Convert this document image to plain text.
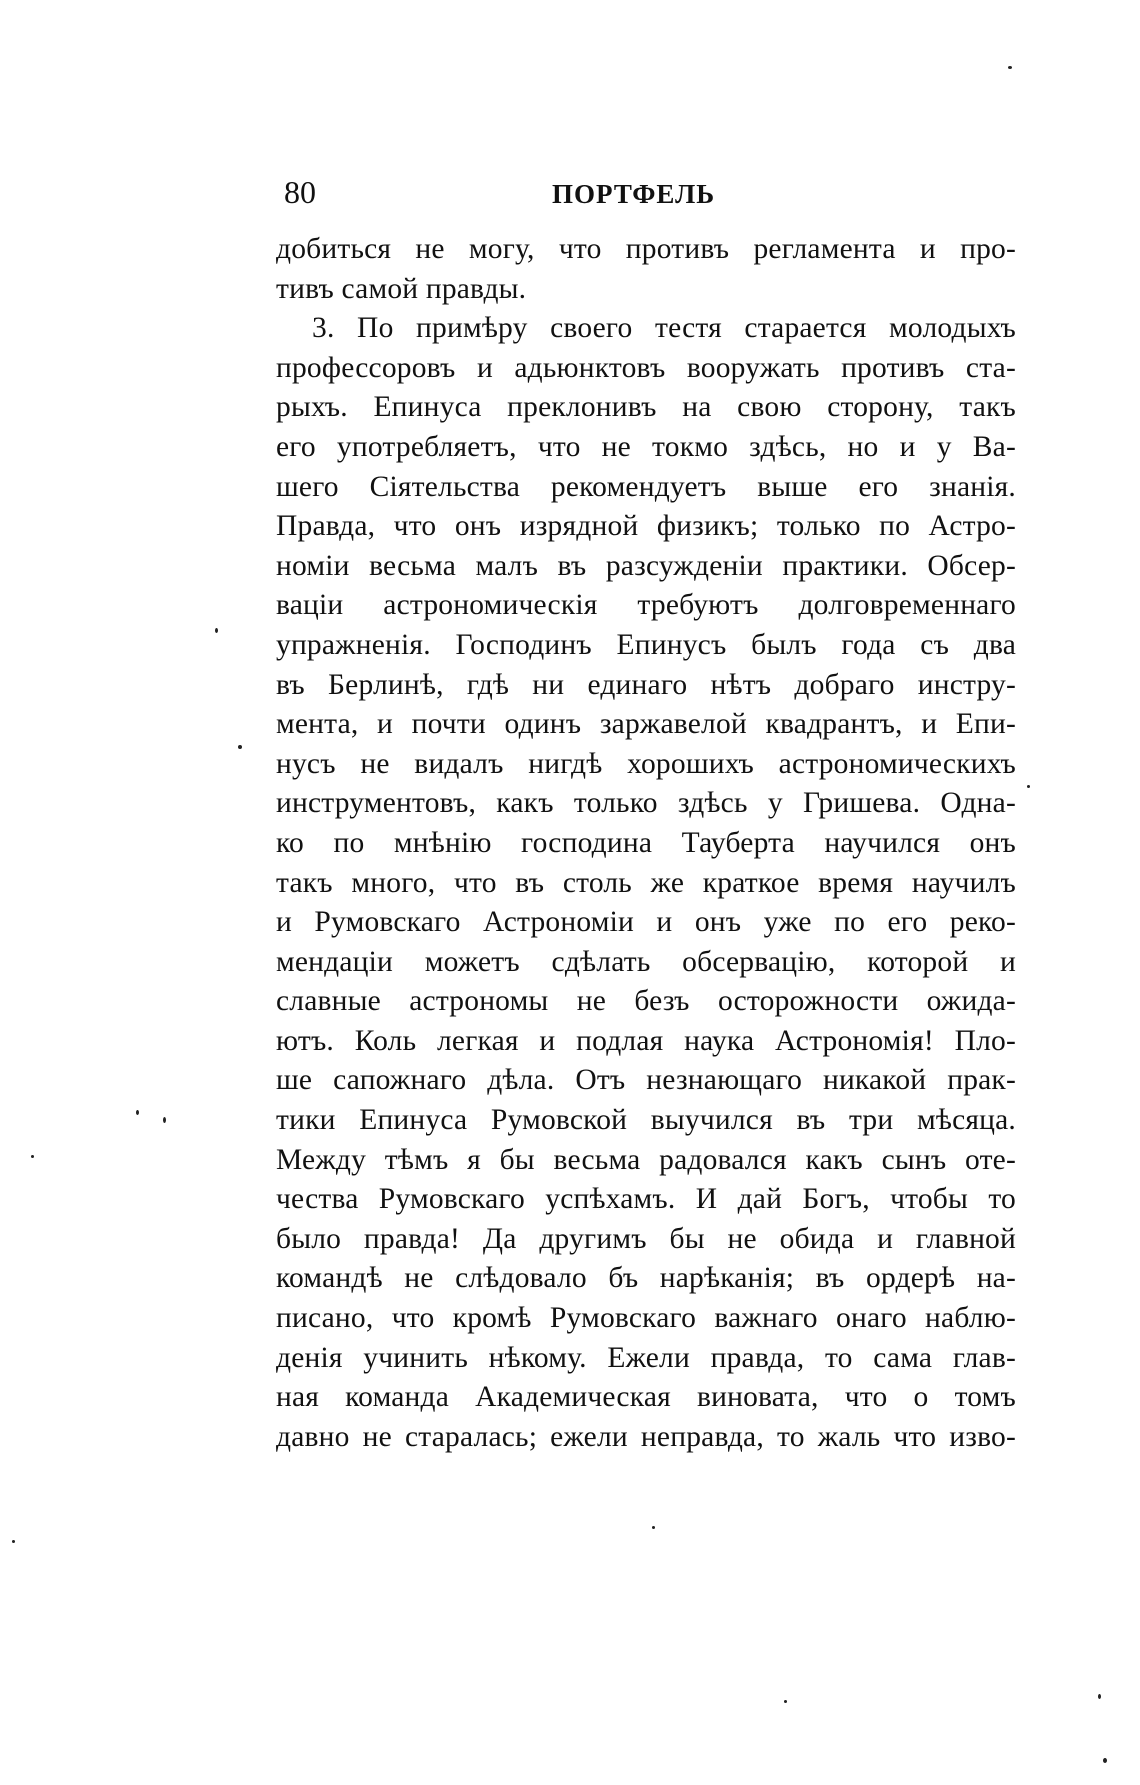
80	ПОРТФЕЛЬ
добиться не могу, что противъ регламента и про-
тивъ самой правды.
3. По примѣру своего тестя старается молодыхъ
профессоровъ и адьюнктовъ вооружать противъ ста-
рыхъ. Епинуса преклонивъ на свою сторону, такъ
его употребляетъ, что не токмо здѣсь, но и у Ва-
шего Сіятельства рекомендуетъ выше его знанія.
Правда, что онъ изрядной физикъ; только по Астро-
номіи весьма малъ въ разсужденіи практики. Обсер-
ваціи астрономическія требуютъ долговременнаго
упражненія. Господинъ Епинусъ былъ года съ два
въ Берлинѣ, гдѣ ни единаго нѣтъ добраго инстру-
мента, и почти одинъ заржавелой квадрантъ, и Епи-
нусъ не видалъ нигдѣ хорошихъ астрономическихъ
инструментовъ, какъ только здѣсь у Гришева. Одна-
ко по мнѣнію господина Тауберта научился онъ
такъ много, что въ столь же краткое время научилъ
и Румовскаго Астрономіи и онъ уже по его реко-
мендаціи можетъ сдѣлать обсервацію, которой и
славные астрономы не безъ осторожности ожида-
ютъ. Коль легкая и подлая наука Астрономія! Пло-
ше сапожнаго дѣла. Отъ незнающаго никакой прак-
тики Епинуса Румовской выучился въ три мѣсяца.
Между тѣмъ я бы весьма радовался какъ сынъ оте-
чества Румовскаго успѣхамъ. И дай Богъ, чтобы то
было правда! Да другимъ бы не обида и главной
командѣ не слѣдовало бъ нарѣканія; въ ордерѣ на-
писано, что кромѣ Румовскаго важнаго онаго наблю-
денія учинить нѣкому. Ежели правда, то сама глав-
ная команда Академическая виновата, что о томъ
давно не старалась; ежели неправда, то жаль что изво-
